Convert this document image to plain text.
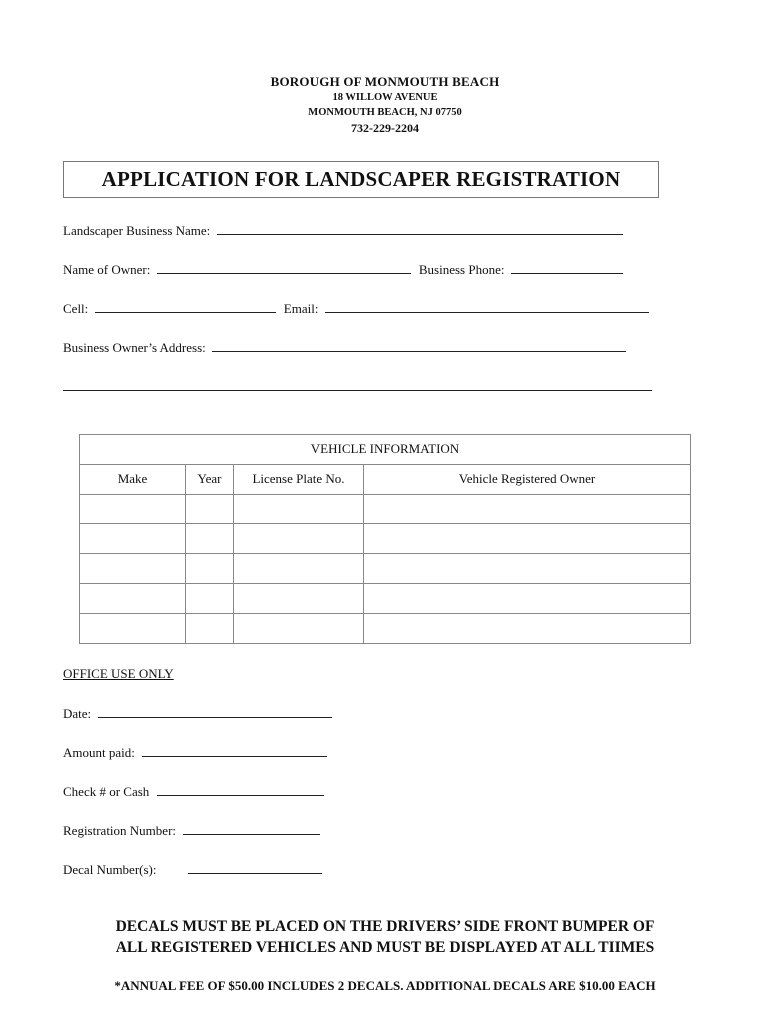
BOROUGH OF MONMOUTH BEACH
18 WILLOW AVENUE
MONMOUTH BEACH, NJ 07750
732-229-2204
APPLICATION FOR LANDSCAPER REGISTRATION
Landscaper Business Name:
Name of Owner:	Business Phone:
Cell:	Email:
Business Owner’s Address:
VEHICLE INFORMATION			
Make	Year	License Plate No.	Vehicle Registered Owner

OFFICE USE ONLY
Date:
Amount paid:
Check # or Cash
Registration Number:
Decal Number(s):
DECALS MUST BE PLACED ON THE DRIVERS’ SIDE FRONT BUMPER OF
ALL REGISTERED VEHICLES AND MUST BE DISPLAYED AT ALL TIIMES
*ANNUAL FEE OF $50.00 INCLUDES 2 DECALS. ADDITIONAL DECALS ARE $10.00 EACH
